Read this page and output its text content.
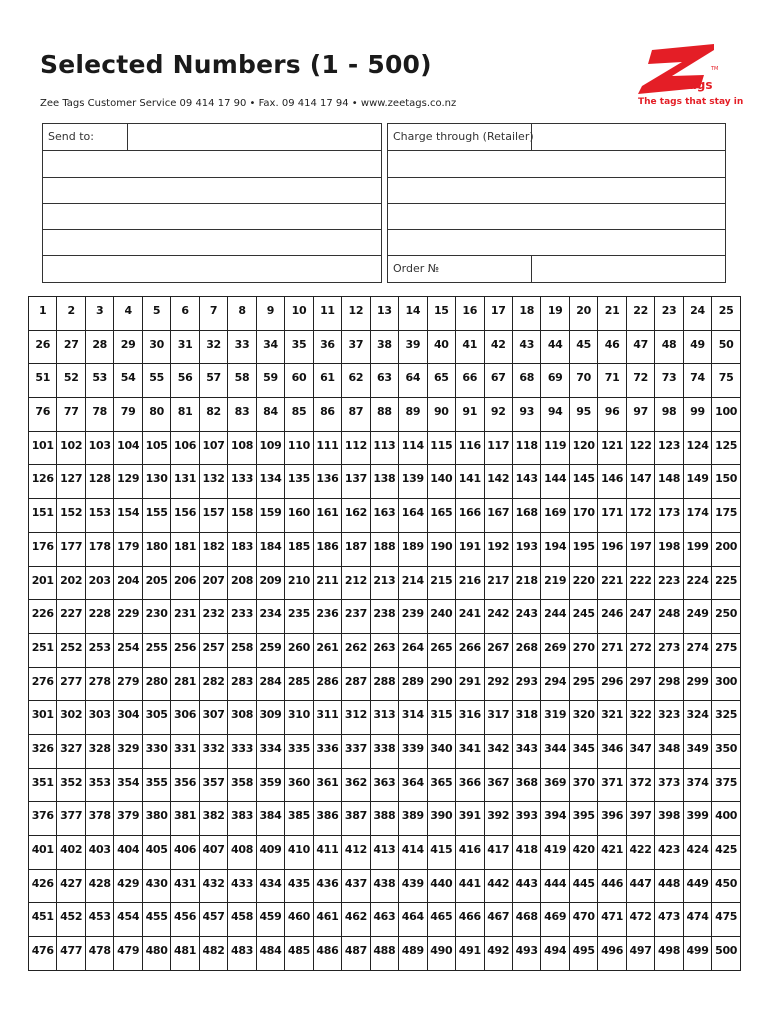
Selected Numbers (1 - 500)
Zee Tags Customer Service 09 414 17 90 • Fax. 09 414 17 94 • www.zeetags.co.nz
TM
Tags
The tags that stay in
Send to:	Charge through (Retailer)
Order №
1	2	3	4	5	6	7	8	9	10	11	12	13	14	15	16	17	18	19	20	21	22	23	24	25
26	27	28	29	30	31	32	33	34	35	36	37	38	39	40	41	42	43	44	45	46	47	48	49	50
51	52	53	54	55	56	57	58	59	60	61	62	63	64	65	66	67	68	69	70	71	72	73	74	75
76	77	78	79	80	81	82	83	84	85	86	87	88	89	90	91	92	93	94	95	96	97	98	99	100
101	102	103	104	105	106	107	108	109	110	111	112	113	114	115	116	117	118	119	120	121	122	123	124	125
126	127	128	129	130	131	132	133	134	135	136	137	138	139	140	141	142	143	144	145	146	147	148	149	150
151	152	153	154	155	156	157	158	159	160	161	162	163	164	165	166	167	168	169	170	171	172	173	174	175
176	177	178	179	180	181	182	183	184	185	186	187	188	189	190	191	192	193	194	195	196	197	198	199	200
201	202	203	204	205	206	207	208	209	210	211	212	213	214	215	216	217	218	219	220	221	222	223	224	225
226	227	228	229	230	231	232	233	234	235	236	237	238	239	240	241	242	243	244	245	246	247	248	249	250
251	252	253	254	255	256	257	258	259	260	261	262	263	264	265	266	267	268	269	270	271	272	273	274	275
276	277	278	279	280	281	282	283	284	285	286	287	288	289	290	291	292	293	294	295	296	297	298	299	300
301	302	303	304	305	306	307	308	309	310	311	312	313	314	315	316	317	318	319	320	321	322	323	324	325
326	327	328	329	330	331	332	333	334	335	336	337	338	339	340	341	342	343	344	345	346	347	348	349	350
351	352	353	354	355	356	357	358	359	360	361	362	363	364	365	366	367	368	369	370	371	372	373	374	375
376	377	378	379	380	381	382	383	384	385	386	387	388	389	390	391	392	393	394	395	396	397	398	399	400
401	402	403	404	405	406	407	408	409	410	411	412	413	414	415	416	417	418	419	420	421	422	423	424	425
426	427	428	429	430	431	432	433	434	435	436	437	438	439	440	441	442	443	444	445	446	447	448	449	450
451	452	453	454	455	456	457	458	459	460	461	462	463	464	465	466	467	468	469	470	471	472	473	474	475
476	477	478	479	480	481	482	483	484	485	486	487	488	489	490	491	492	493	494	495	496	497	498	499	500
